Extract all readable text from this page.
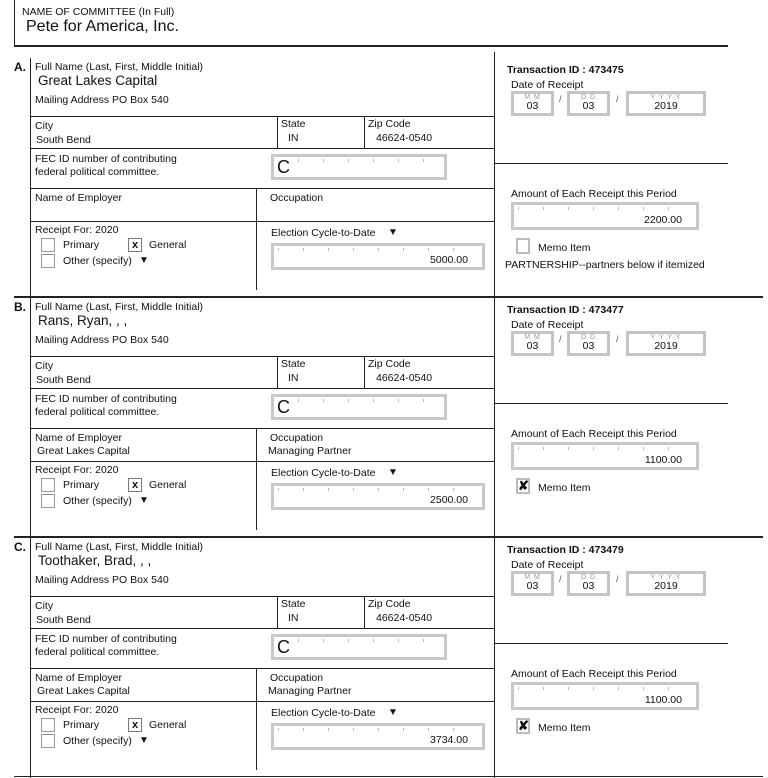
NAME OF COMMITTEE (In Full)
Pete for America, Inc.
A. Full Name (Last, First, Middle Initial)
Great Lakes Capital
Mailing Address PO Box 540
City
South Bend
State
IN
Zip Code
46624-0540
FEC ID number of contributing
federal political committee.	C
Name of Employer	Occupation
Receipt For: 2020
Primary	x	General
Other (specify) ▼
Election Cycle-to-Date ▼
5000.00
Transaction ID : 473475
Date of Receipt
M M
03
/	D D
03
/	Y Y Y Y
2019
Amount of Each Receipt this Period
2200.00
Memo Item
PARTNERSHIP--partners below if itemized
B. Full Name (Last, First, Middle Initial)
Rans, Ryan, , ,
Mailing Address PO Box 540
City
South Bend
State
IN
Zip Code
46624-0540
FEC ID number of contributing
federal political committee.	C
Name of Employer
Great Lakes Capital
Occupation
Managing Partner
Receipt For: 2020
Primary	x	General
Other (specify) ▼
Election Cycle-to-Date ▼
2500.00
Transaction ID : 473477
Date of Receipt
M M
03
/	D D
03
/	Y Y Y Y
2019
Amount of Each Receipt this Period
1100.00
✘ Memo Item
C. Full Name (Last, First, Middle Initial)
Toothaker, Brad, , ,
Mailing Address PO Box 540
City
South Bend
State
IN
Zip Code
46624-0540
FEC ID number of contributing
federal political committee.	C
Name of Employer
Great Lakes Capital
Occupation
Managing Partner
Receipt For: 2020
Primary	x	General
Other (specify) ▼
Election Cycle-to-Date ▼
3734.00
Transaction ID : 473479
Date of Receipt
M M
03
/	D D
03
/	Y Y Y Y
2019
Amount of Each Receipt this Period
1100.00
✘ Memo Item
